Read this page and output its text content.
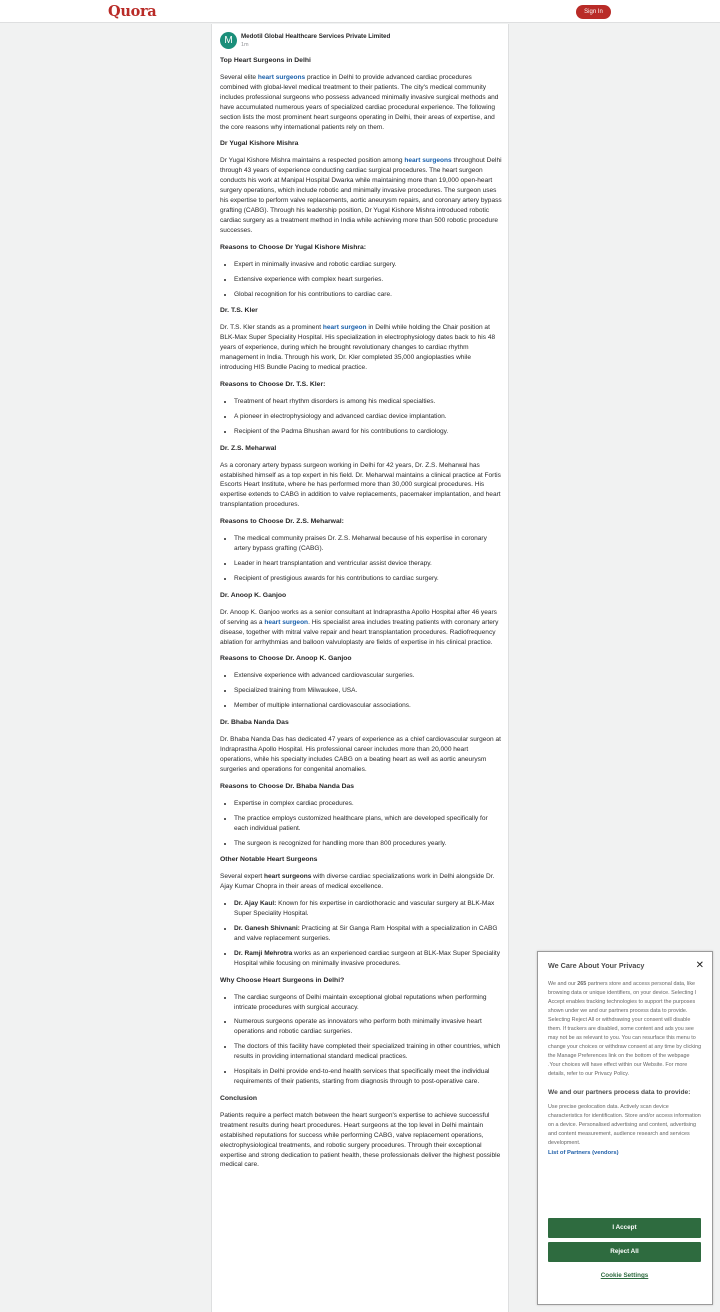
Quora	Sign In
M	Medotil Global Healthcare Services Private Limited
1m
Top Heart Surgeons in Delhi

Several elite heart surgeons practice in Delhi to provide advanced cardiac procedures combined with global-level medical treatment to their patients. The city's medical community includes professional surgeons who possess advanced minimally invasive surgical methods and have accumulated numerous years of specialized cardiac procedural experience. The following section lists the most prominent heart surgeons operating in Delhi, their areas of expertise, and the core reasons why international patients rely on them.

Dr Yugal Kishore Mishra

Dr Yugal Kishore Mishra maintains a respected position among heart surgeons throughout Delhi through 43 years of experience conducting cardiac surgical procedures. The heart surgeon conducts his work at Manipal Hospital Dwarka while maintaining more than 19,000 open-heart surgery operations, which include robotic and minimally invasive procedures. The surgeon uses his expertise to perform valve replacements, aortic aneurysm repairs, and coronary artery bypass grafting (CABG). Through his leadership position, Dr Yugal Kishore Mishra introduced robotic cardiac surgery as a treatment method in India while achieving more than 500 robotic procedure successes.

Reasons to Choose Dr Yugal Kishore Mishra:
• Expert in minimally invasive and robotic cardiac surgery.
• Extensive experience with complex heart surgeries.
• Global recognition for his contributions to cardiac care.
Dr. T.S. Kler

Dr. T.S. Kler stands as a prominent heart surgeon in Delhi while holding the Chair position at BLK-Max Super Speciality Hospital. His specialization in electrophysiology dates back to his 48 years of experience, during which he brought revolutionary changes to cardiac rhythm management in India. Through his work, Dr. Kler completed 35,000 angioplasties while introducing HIS Bundle Pacing to medical practice.

Reasons to Choose Dr. T.S. Kler:
• Treatment of heart rhythm disorders is among his medical specialties.
• A pioneer in electrophysiology and advanced cardiac device implantation.
• Recipient of the Padma Bhushan award for his contributions to cardiology.
Dr. Z.S. Meharwal

As a coronary artery bypass surgeon working in Delhi for 42 years, Dr. Z.S. Meharwal has established himself as a top expert in his field. Dr. Meharwal maintains a clinical practice at Fortis Escorts Heart Institute, where he has performed more than 30,000 surgical procedures. His expertise extends to CABG in addition to valve replacements, pacemaker implantation, and heart transplantation procedures.

Reasons to Choose Dr. Z.S. Meharwal:
• The medical community praises Dr. Z.S. Meharwal because of his expertise in coronary artery bypass grafting (CABG).
• Leader in heart transplantation and ventricular assist device therapy.
• Recipient of prestigious awards for his contributions to cardiac surgery.
Dr. Anoop K. Ganjoo

Dr. Anoop K. Ganjoo works as a senior consultant at Indraprastha Apollo Hospital after 46 years of serving as a heart surgeon. His specialist area includes treating patients with coronary artery disease, together with mitral valve repair and heart transplantation procedures. Radiofrequency ablation for arrhythmias and balloon valvuloplasty are fields of expertise in his clinical practice.

Reasons to Choose Dr. Anoop K. Ganjoo
• Extensive experience with advanced cardiovascular surgeries.
• Specialized training from Milwaukee, USA.
• Member of multiple international cardiovascular associations.
Dr. Bhaba Nanda Das

Dr. Bhaba Nanda Das has dedicated 47 years of experience as a chief cardiovascular surgeon at Indraprastha Apollo Hospital. His professional career includes more than 20,000 heart operations, while his specialty includes CABG on a beating heart as well as aortic aneurysm surgeries and operations for congenital anomalies.

Reasons to Choose Dr. Bhaba Nanda Das
• Expertise in complex cardiac procedures.
• The practice employs customized healthcare plans, which are developed specifically for each individual patient.
• The surgeon is recognized for handling more than 800 procedures yearly.
Other Notable Heart Surgeons

Several expert heart surgeons with diverse cardiac specializations work in Delhi alongside Dr. Ajay Kumar Chopra in their areas of medical excellence.

• Dr. Ajay Kaul: Known for his expertise in cardiothoracic and vascular surgery at BLK-Max Super Speciality Hospital.
• Dr. Ganesh Shivnani: Practicing at Sir Ganga Ram Hospital with a specialization in CABG and valve replacement surgeries.
• Dr. Ramji Mehrotra works as an experienced cardiac surgeon at BLK-Max Super Speciality Hospital while focusing on minimally invasive procedures.
Why Choose Heart Surgeons in Delhi?
• The cardiac surgeons of Delhi maintain exceptional global reputations when performing intricate procedures with surgical accuracy.
• Numerous surgeons operate as innovators who perform both minimally invasive heart operations and robotic cardiac surgeries.
• The doctors of this facility have completed their specialized training in other countries, which results in providing international standard medical practices.
• Hospitals in Delhi provide end-to-end health services that specifically meet the individual requirements of their patients, starting from diagnosis through to post-operative care.
Conclusion

Patients require a perfect match between the heart surgeon's expertise to achieve successful treatment results during heart procedures. Heart surgeons at the top level in Delhi maintain established reputations for success while performing CABG, valve replacement operations, electrophysiological treatments, and robotic surgery procedures. Through their exceptional expertise and strong dedication to patient health, these professionals deliver the highest possible medical care.

We Care About Your Privacy	✕
We and our 265 partners store and access personal data, like browsing data or unique identifiers, on your device. Selecting I Accept enables tracking technologies to support the purposes shown under we and our partners process data to provide. Selecting Reject All or withdrawing your consent will disable them. If trackers are disabled, some content and ads you see may not be as relevant to you. You can resurface this menu to change your choices or withdraw consent at any time by clicking the Manage Preferences link on the bottom of the webpage .Your choices will have effect within our Website. For more details, refer to our Privacy Policy.
We and our partners process data to provide:
Use precise geolocation data. Actively scan device characteristics for identification. Store and/or access information on a device. Personalised advertising and content, advertising and content measurement, audience research and services development.
List of Partners (vendors)
I Accept
Reject All
Cookie Settings
